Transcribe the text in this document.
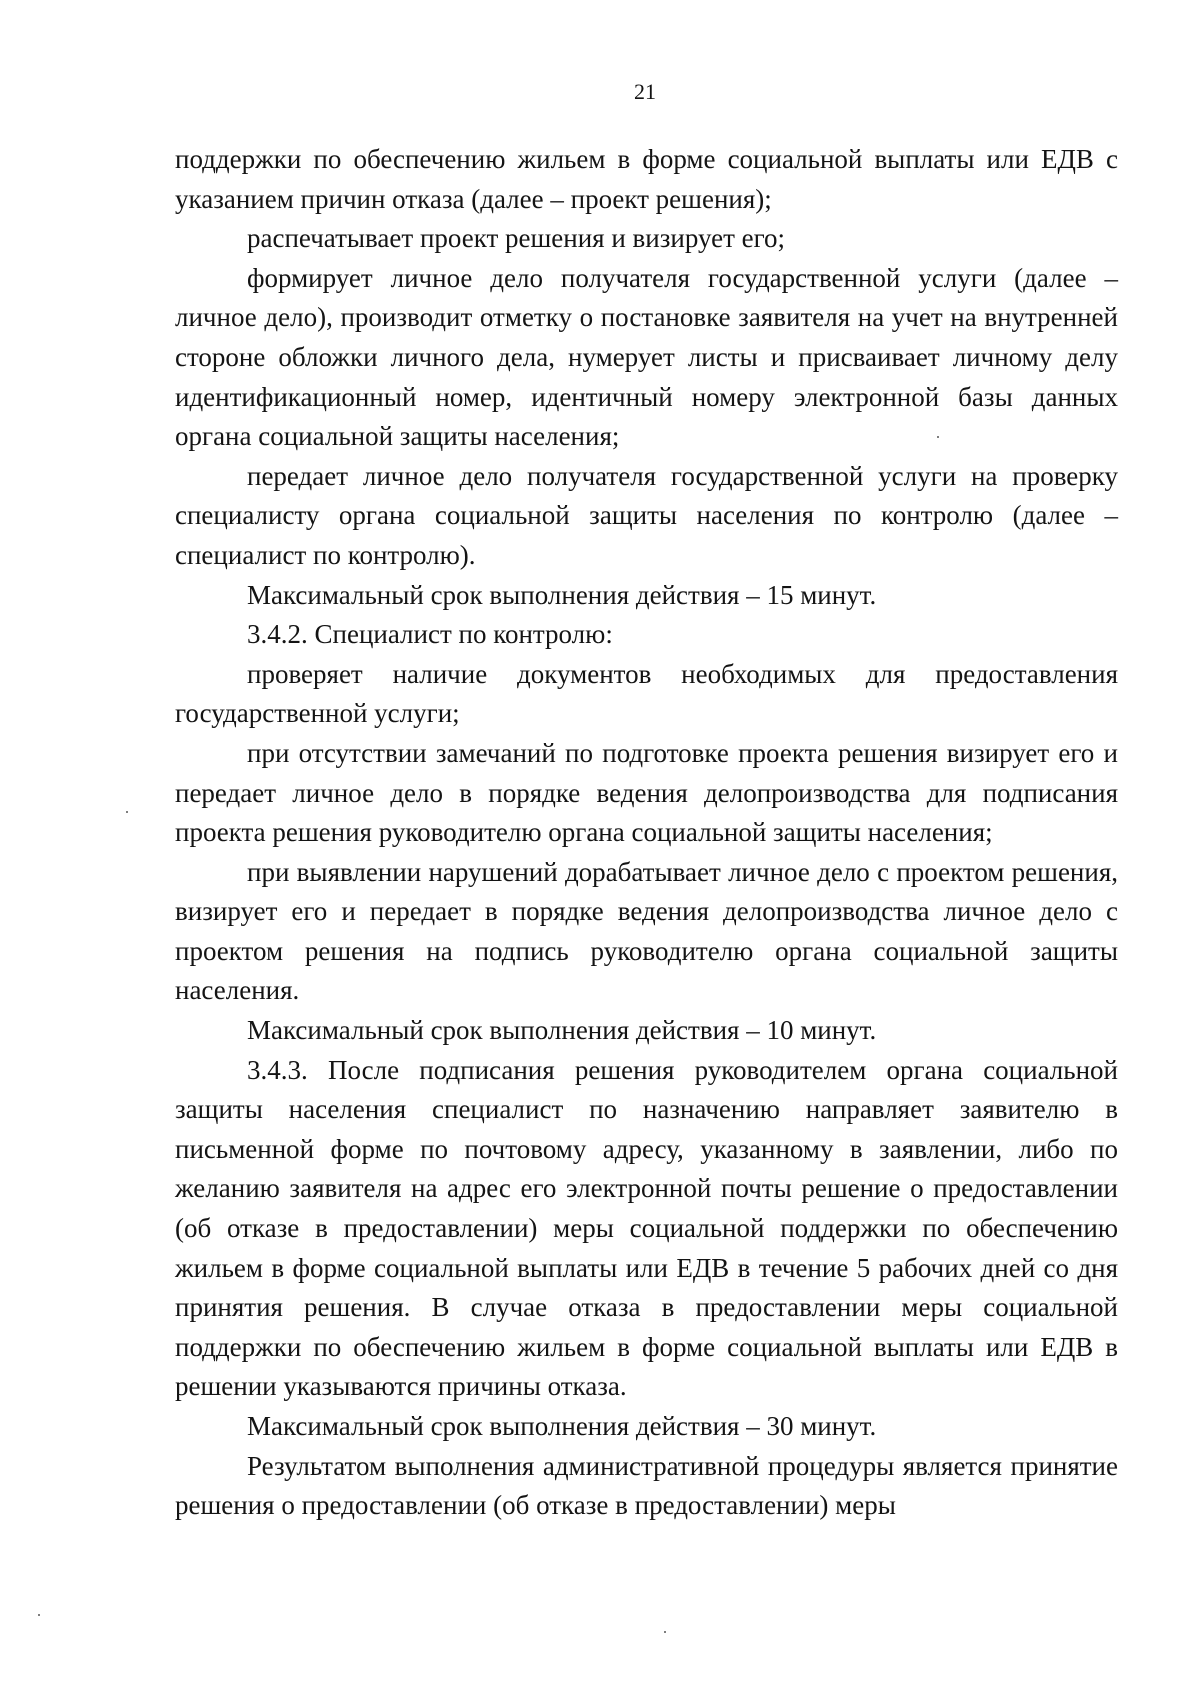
21

поддержки по обеспечению жильем в форме социальной выплаты или ЕДВ с указанием причин отказа (далее – проект решения);

распечатывает проект решения и визирует его;

формирует личное дело получателя государственной услуги (далее – личное дело), производит отметку о постановке заявителя на учет на внутренней стороне обложки личного дела, нумерует листы и присваивает личному делу идентификационный номер, идентичный номеру электронной базы данных органа социальной защиты населения;

передает личное дело получателя государственной услуги на проверку специалисту органа социальной защиты населения по контролю (далее – специалист по контролю).

Максимальный срок выполнения действия – 15 минут.

3.4.2. Специалист по контролю:

проверяет наличие документов необходимых для предоставления государственной услуги;

при отсутствии замечаний по подготовке проекта решения визирует его и передает личное дело в порядке ведения делопроизводства для подписания проекта решения руководителю органа социальной защиты населения;

при выявлении нарушений дорабатывает личное дело с проектом решения, визирует его и передает в порядке ведения делопроизводства личное дело с проектом решения на подпись руководителю органа социальной защиты населения.

Максимальный срок выполнения действия – 10 минут.

3.4.3. После подписания решения руководителем органа социальной защиты населения специалист по назначению направляет заявителю в письменной форме по почтовому адресу, указанному в заявлении, либо по желанию заявителя на адрес его электронной почты решение о предоставлении (об отказе в предоставлении) меры социальной поддержки по обеспечению жильем в форме социальной выплаты или ЕДВ в течение 5 рабочих дней со дня принятия решения. В случае отказа в предоставлении меры социальной поддержки по обеспечению жильем в форме социальной выплаты или ЕДВ в решении указываются причины отказа.

Максимальный срок выполнения действия – 30 минут.

Результатом выполнения административной процедуры является принятие решения о предоставлении (об отказе в предоставлении) меры
